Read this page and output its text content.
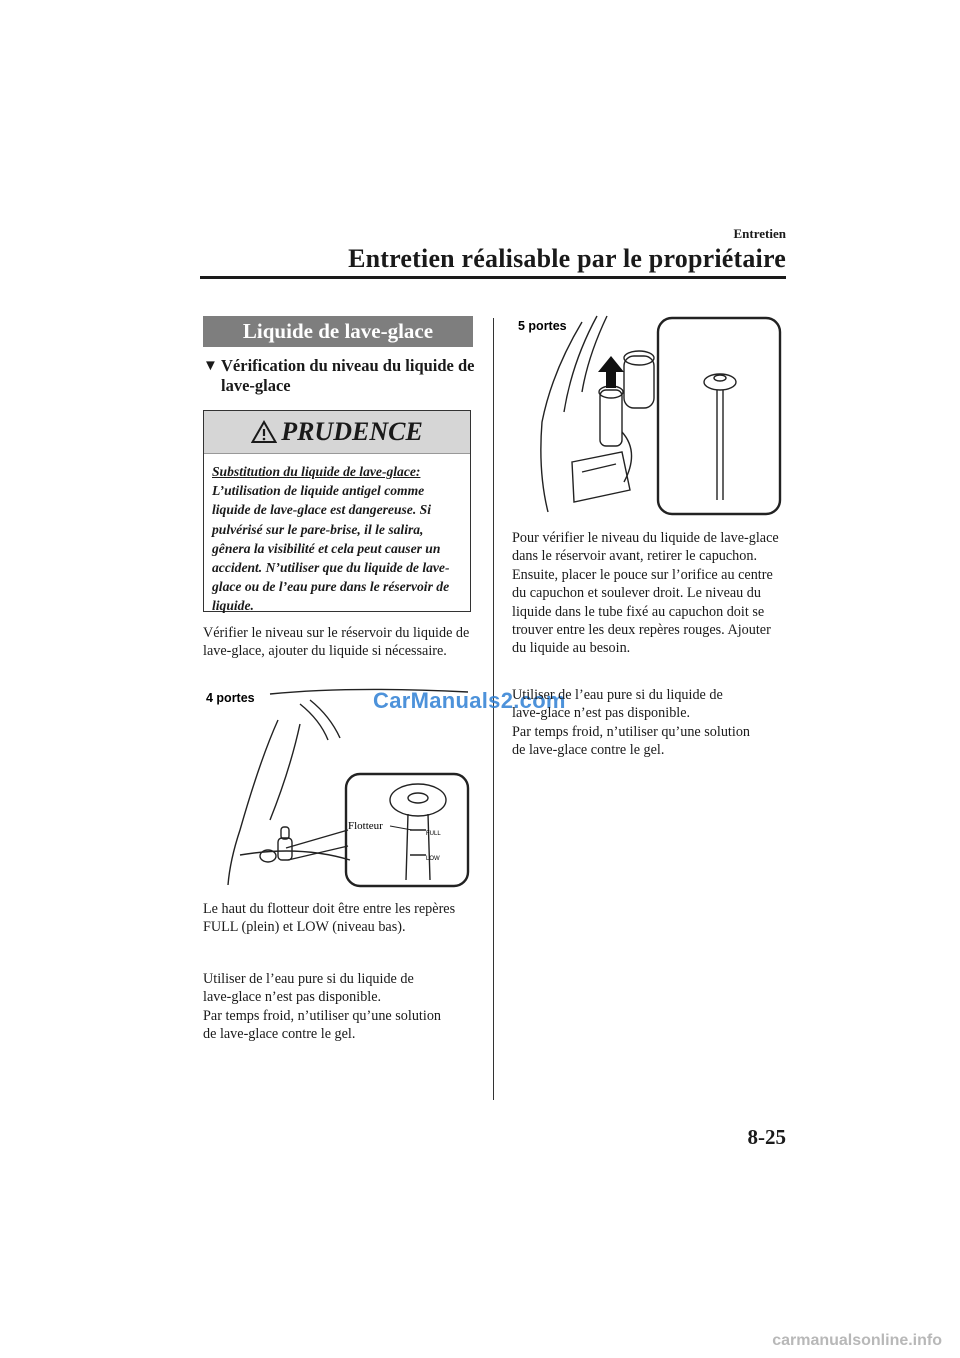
Entretien
Entretien réalisable par le propriétaire
Liquide de lave-glace
▼ Vérification du niveau du liquide de lave-glace
PRUDENCE
Substitution du liquide de lave-glace:
L’utilisation de liquide antigel comme liquide de lave-glace est dangereuse. Si pulvérisé sur le pare-brise, il le salira, gênera la visibilité et cela peut causer un accident. N’utiliser que du liquide de lave-glace ou de l’eau pure dans le réservoir de liquide.
Vérifier le niveau sur le réservoir du liquide de lave-glace, ajouter du liquide si nécessaire.
4 portes
Flotteur
FULL
LOW
CarManuals2.com
Le haut du flotteur doit être entre les repères FULL (plein) et LOW (niveau bas).
Utiliser de l’eau pure si du liquide de
lave-glace n’est pas disponible.
Par temps froid, n’utiliser qu’une solution
de lave-glace contre le gel.
5 portes
Pour vérifier le niveau du liquide de lave-glace dans le réservoir avant, retirer le capuchon. Ensuite, placer le pouce sur l’orifice au centre du capuchon et soulever droit. Le niveau du liquide dans le tube fixé au capuchon doit se trouver entre les deux repères rouges. Ajouter du liquide au besoin.
Utiliser de l’eau pure si du liquide de
lave-glace n’est pas disponible.
Par temps froid, n’utiliser qu’une solution
de lave-glace contre le gel.
8-25
carmanualsonline.info
